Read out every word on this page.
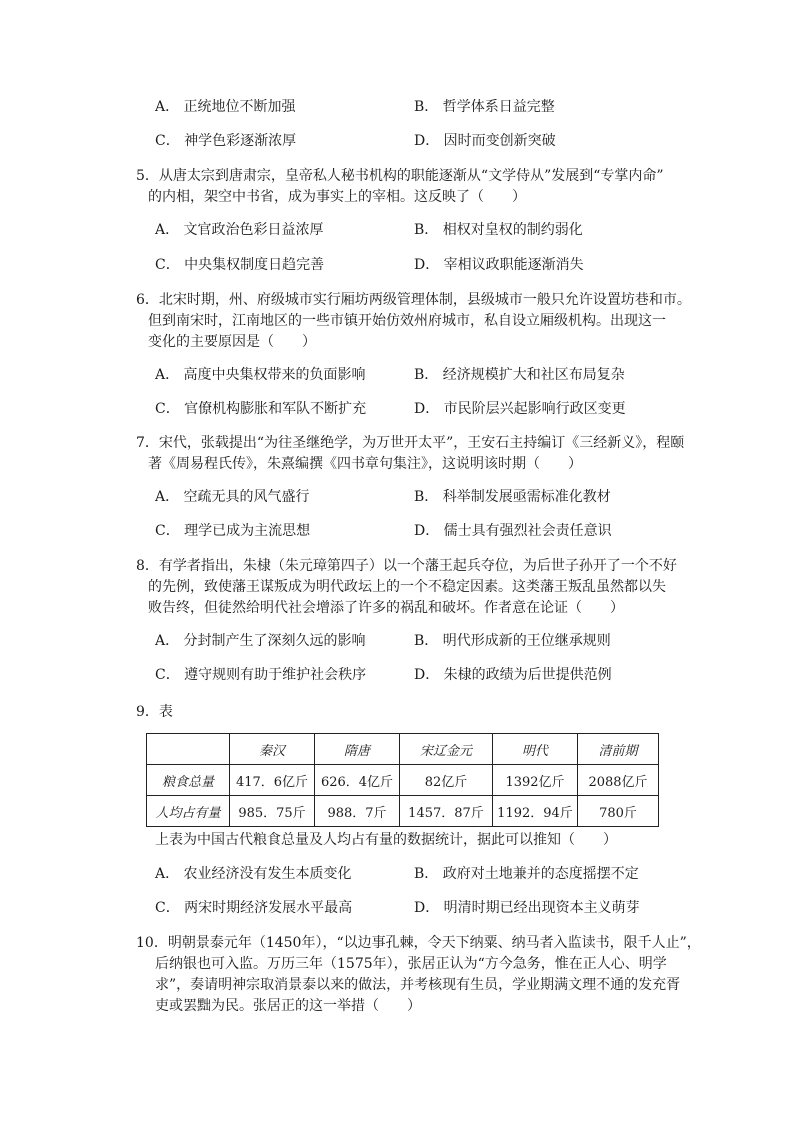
A． 正统地位不断加强	B． 哲学体系日益完整
C． 神学色彩逐渐浓厚	D． 因时而变创新突破
5．从唐太宗到唐肃宗，皇帝私人秘书机构的职能逐渐从“文学侍从”发展到“专掌内命”
的内相，架空中书省，成为事实上的宰相。这反映了（　　）
A． 文官政治色彩日益浓厚	B． 相权对皇权的制约弱化
C． 中央集权制度日趋完善	D． 宰相议政职能逐渐消失
6．北宋时期，州、府级城市实行厢坊两级管理体制，县级城市一般只允许设置坊巷和市。
但到南宋时，江南地区的一些市镇开始仿效州府城市，私自设立厢级机构。出现这一
变化的主要原因是（　　）
A． 高度中央集权带来的负面影响	B． 经济规模扩大和社区布局复杂
C． 官僚机构膨胀和军队不断扩充	D． 市民阶层兴起影响行政区变更
7．宋代，张载提出“为往圣继绝学，为万世开太平”，王安石主持编订《三经新义》，程颐
著《周易程氏传》，朱熹编撰《四书章句集注》，这说明该时期（　　）
A． 空疏无具的风气盛行	B． 科举制发展亟需标准化教材
C． 理学已成为主流思想	D． 儒士具有强烈社会责任意识
8．有学者指出，朱棣（朱元璋第四子）以一个藩王起兵夺位，为后世子孙开了一个不好
的先例，致使藩王谋叛成为明代政坛上的一个不稳定因素。这类藩王叛乱虽然都以失
败告终，但徒然给明代社会增添了许多的祸乱和破坏。作者意在论证（　　）
A． 分封制产生了深刻久远的影响	B． 明代形成新的王位继承规则
C． 遵守规则有助于维护社会秩序	D． 朱棣的政绩为后世提供范例
9．表
	秦汉	隋唐	宋辽金元	明代	清前期
粮食总量	417．6亿斤	626．4亿斤	82亿斤	1392亿斤	2088亿斤
人均占有量	985．75斤	988．7斤	1457．87斤	1192．94斤	780斤
上表为中国古代粮食总量及人均占有量的数据统计，据此可以推知（　　）
A． 农业经济没有发生本质变化	B． 政府对土地兼并的态度摇摆不定
C． 两宋时期经济发展水平最高	D． 明清时期已经出现资本主义萌芽
10．明朝景泰元年（1450年），“以边事孔棘，令天下纳粟、纳马者入监读书，限千人止”，
后纳银也可入监。万历三年（1575年），张居正认为“方今急务，惟在正人心、明学
求”，奏请明神宗取消景泰以来的做法，并考核现有生员，学业期满文理不通的发充胥
吏或罢黜为民。张居正的这一举措（　　）
